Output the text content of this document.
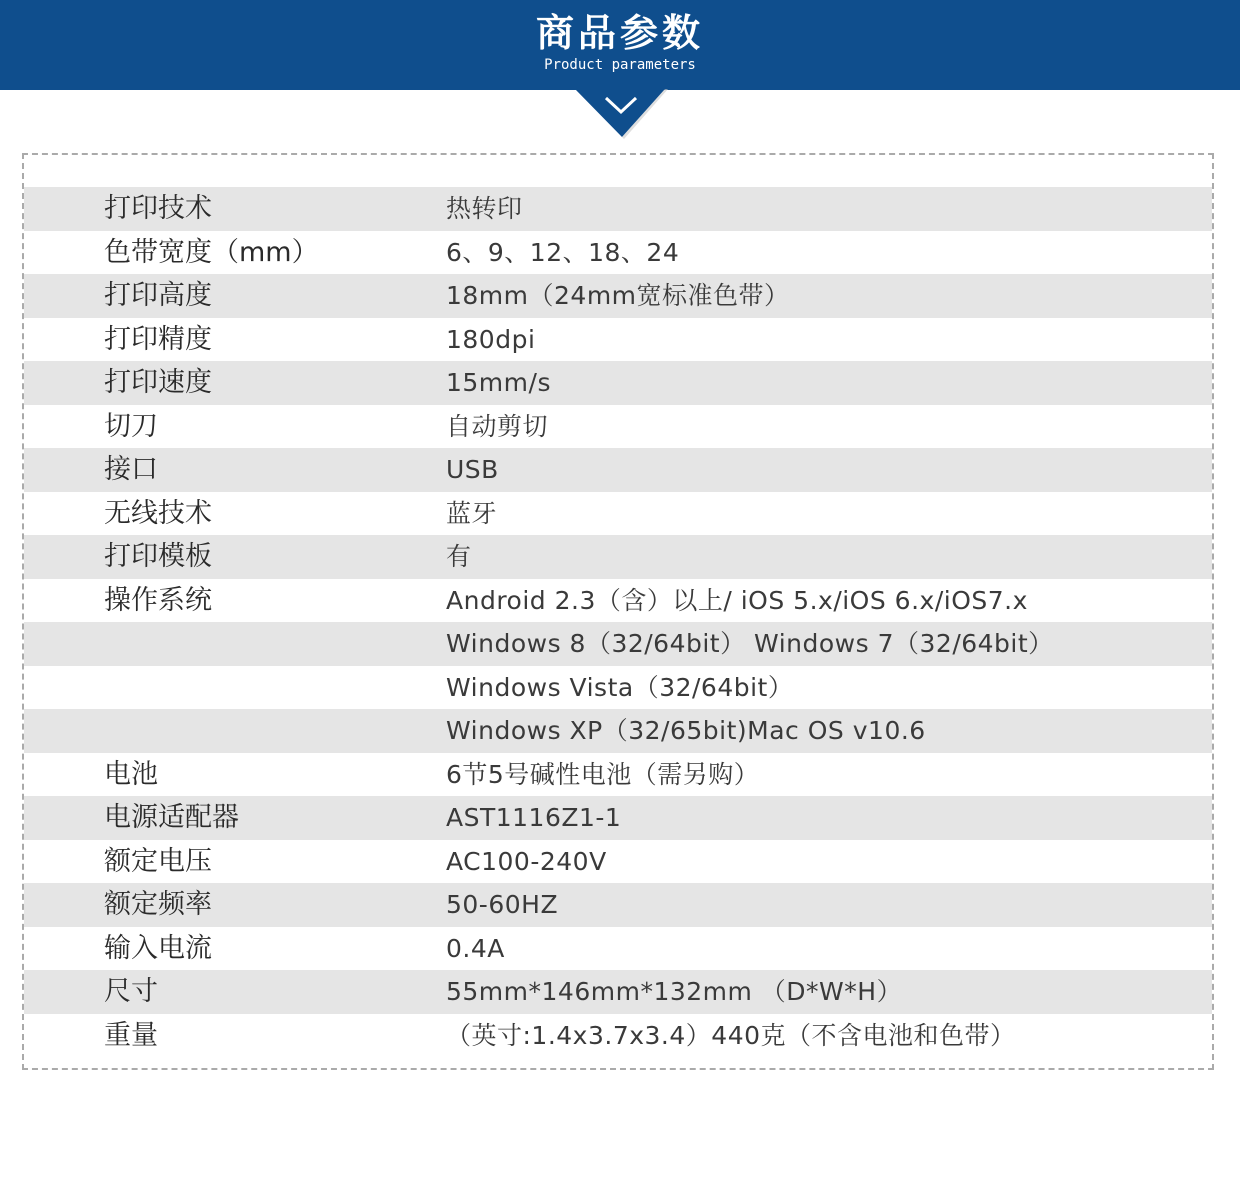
商品参数
Product parameters
打印技术	热转印
色带宽度（mm）	6、9、12、18、24
打印高度	18mm（24mm宽标准色带）
打印精度	180dpi
打印速度	15mm/s
切刀	自动剪切
接口	USB
无线技术	蓝牙
打印模板	有
操作系统	Android 2.3（含）以上/ iOS 5.x/iOS 6.x/iOS7.x
Windows 8（32/64bit） Windows 7（32/64bit）
Windows Vista（32/64bit）
Windows XP（32/65bit)Mac OS v10.6
电池	6节5号碱性电池（需另购）
电源适配器	AST1116Z1-1
额定电压	AC100-240V
额定频率	50-60HZ
输入电流	0.4A
尺寸	55mm*146mm*132mm （D*W*H）
重量	（英寸:1.4x3.7x3.4）440克（不含电池和色带）
